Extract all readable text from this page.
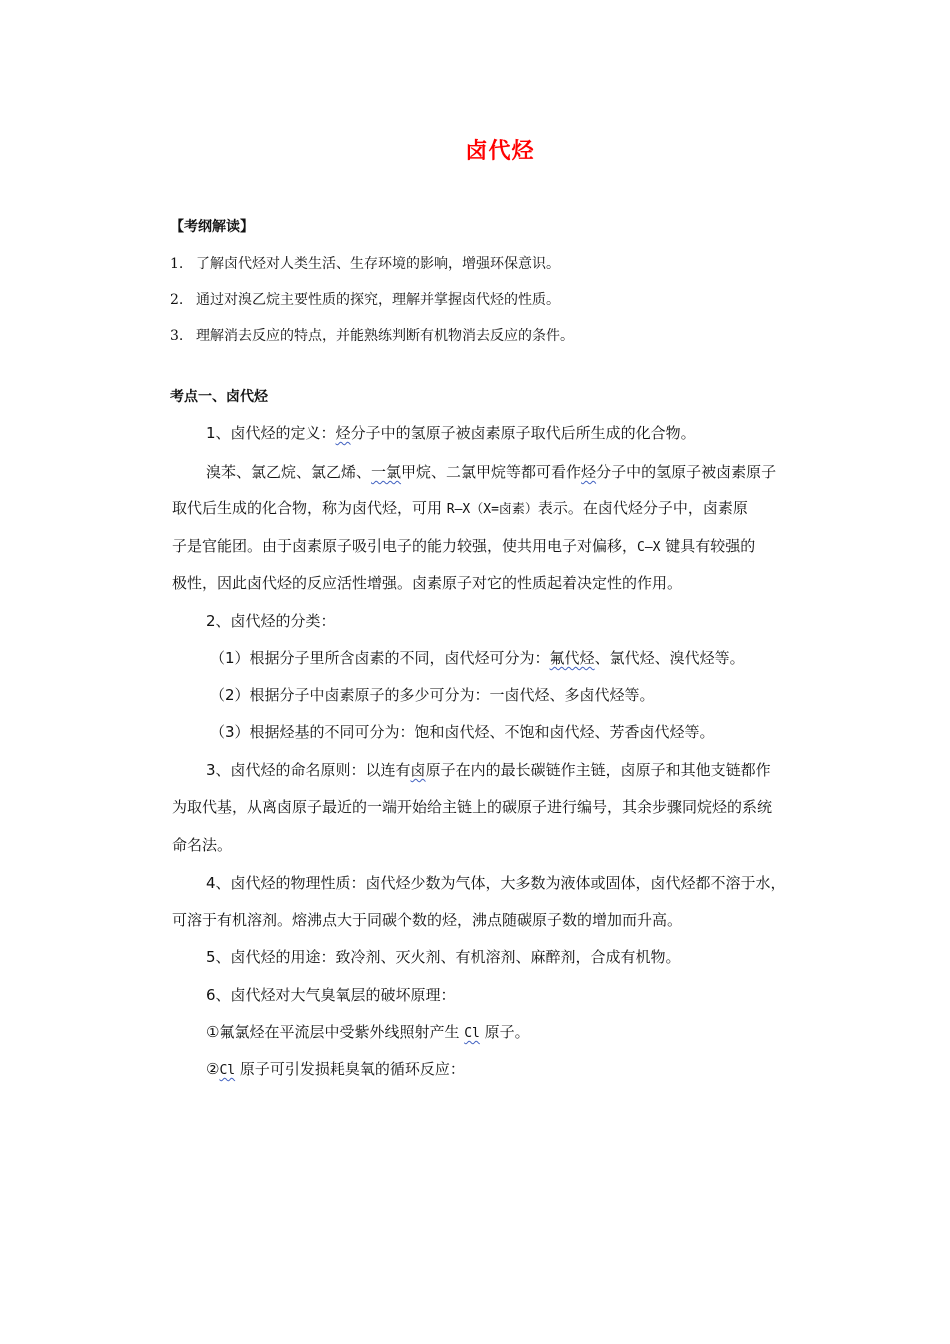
卤代烃
【考纲解读】
1. 了解卤代烃对人类生活、生存环境的影响，增强环保意识。
2. 通过对溴乙烷主要性质的探究，理解并掌握卤代烃的性质。
3. 理解消去反应的特点，并能熟练判断有机物消去反应的条件。
考点一、卤代烃
1、卤代烃的定义：烃分子中的氢原子被卤素原子取代后所生成的化合物。
溴苯、氯乙烷、氯乙烯、一氯甲烷、二氯甲烷等都可看作烃分子中的氢原子被卤素原子
取代后生成的化合物，称为卤代烃，可用 R—X（X=卤素）表示。在卤代烃分子中，卤素原
子是官能团。由于卤素原子吸引电子的能力较强，使共用电子对偏移，C—X 键具有较强的
极性，因此卤代烃的反应活性增强。卤素原子对它的性质起着决定性的作用。
2、卤代烃的分类：
（1）根据分子里所含卤素的不同，卤代烃可分为：氟代烃、氯代烃、溴代烃等。
（2）根据分子中卤素原子的多少可分为：一卤代烃、多卤代烃等。
（3）根据烃基的不同可分为：饱和卤代烃、不饱和卤代烃、芳香卤代烃等。
3、卤代烃的命名原则：以连有卤原子在内的最长碳链作主链，卤原子和其他支链都作
为取代基，从离卤原子最近的一端开始给主链上的碳原子进行编号，其余步骤同烷烃的系统
命名法。
4、卤代烃的物理性质：卤代烃少数为气体，大多数为液体或固体，卤代烃都不溶于水，
可溶于有机溶剂。熔沸点大于同碳个数的烃，沸点随碳原子数的增加而升高。
5、卤代烃的用途：致冷剂、灭火剂、有机溶剂、麻醉剂，合成有机物。
6、卤代烃对大气臭氧层的破坏原理：
①氟氯烃在平流层中受紫外线照射产生 Cl 原子。
②Cl 原子可引发损耗臭氧的循环反应：
